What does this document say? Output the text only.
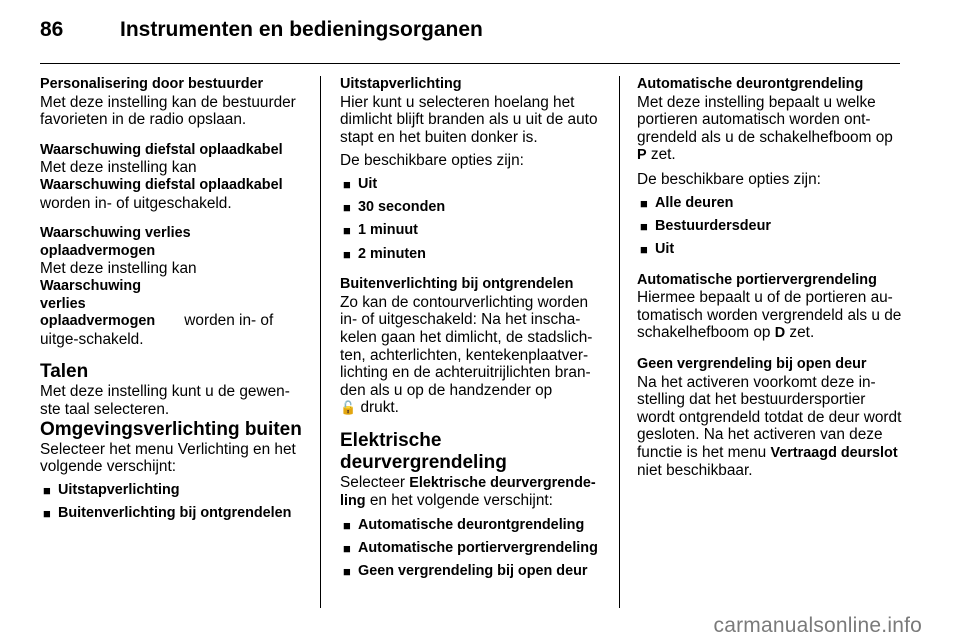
86	Instrumenten en bedieningsorganen

Personalisering door bestuurder

Met deze instelling kan de bestuurder favorieten in de radio opslaan.

Waarschuwing diefstal oplaadkabel

Met deze instelling kan

Waarschuwing diefstal oplaadkabel

worden in- of uitgeschakeld.

Waarschuwing verlies oplaadvermogen

Met deze instelling kan

Waarschuwing verlies oplaadvermogen worden in- of uitge-schakeld.

Talen

Met deze instelling kunt u de gewen-ste taal selecteren.

Omgevingsverlichting buiten

Selecteer het menu Verlichting en het volgende verschijnt:

■ Uitstapverlichting
■ Buitenverlichting bij ontgrendelen

Uitstapverlichting

Hier kunt u selecteren hoelang het dimlicht blijft branden als u uit de auto stapt en het buiten donker is.

De beschikbare opties zijn:

■ Uit
■ 30 seconden
■ 1 minuut
■ 2 minuten

Buitenverlichting bij ontgrendelen

Zo kan de contourverlichting worden in- of uitgeschakeld: Na het inscha-kelen gaan het dimlicht, de stadslich-ten, achterlichten, kentekenplaatver-lichting en de achteruitrijlichten bran-den als u op de handzender op
🔓 drukt.

Elektrische deurvergrendeling

Selecteer Elektrische deurvergrende-ling en het volgende verschijnt:

■ Automatische deurontgrendeling
■ Automatische portiervergrendeling
■ Geen vergrendeling bij open deur

Automatische deurontgrendeling

Met deze instelling bepaalt u welke portieren automatisch worden ont-grendeld als u de schakelhefboom op P zet.

De beschikbare opties zijn:

■ Alle deuren
■ Bestuurdersdeur
■ Uit

Automatische portiervergrendeling

Hiermee bepaalt u of de portieren au-tomatisch worden vergrendeld als u de schakelhefboom op D zet.

Geen vergrendeling bij open deur

Na het activeren voorkomt deze in-stelling dat het bestuurdersportier wordt ontgrendeld totdat de deur wordt gesloten. Na het activeren van deze functie is het menu Vertraagd deurslot niet beschikbaar.

carmanualsonline.info
